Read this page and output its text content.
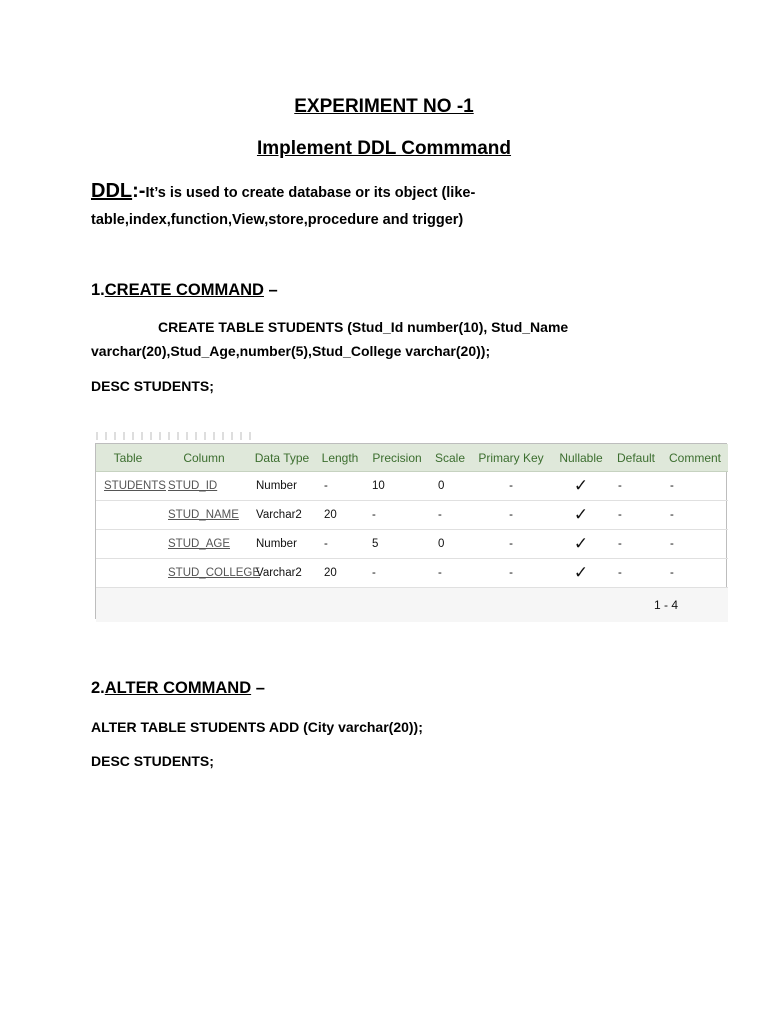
EXPERIMENT NO -1
Implement DDL Commmand
DDL:-It’s is used to create database or its object (like-table,index,function,View,store,procedure and trigger)
1.CREATE COMMAND –
CREATE TABLE STUDENTS (Stud_Id number(10), Stud_Name
varchar(20),Stud_Age,number(5),Stud_College varchar(20));
DESC STUDENTS;
Table	Column	Data Type	Length	Precision	Scale	Primary Key	Nullable	Default	Comment
STUDENTS	STUD_ID	Number	-	10	0	-	✓	-	-
	STUD_NAME	Varchar2	20	-	-	-	✓	-	-
	STUD_AGE	Number	-	5	0	-	✓	-	-
	STUD_COLLEGE	Varchar2	20	-	-	-	✓	-	-
1 - 4									
2.ALTER COMMAND –
ALTER TABLE STUDENTS ADD (City varchar(20));
DESC STUDENTS;
